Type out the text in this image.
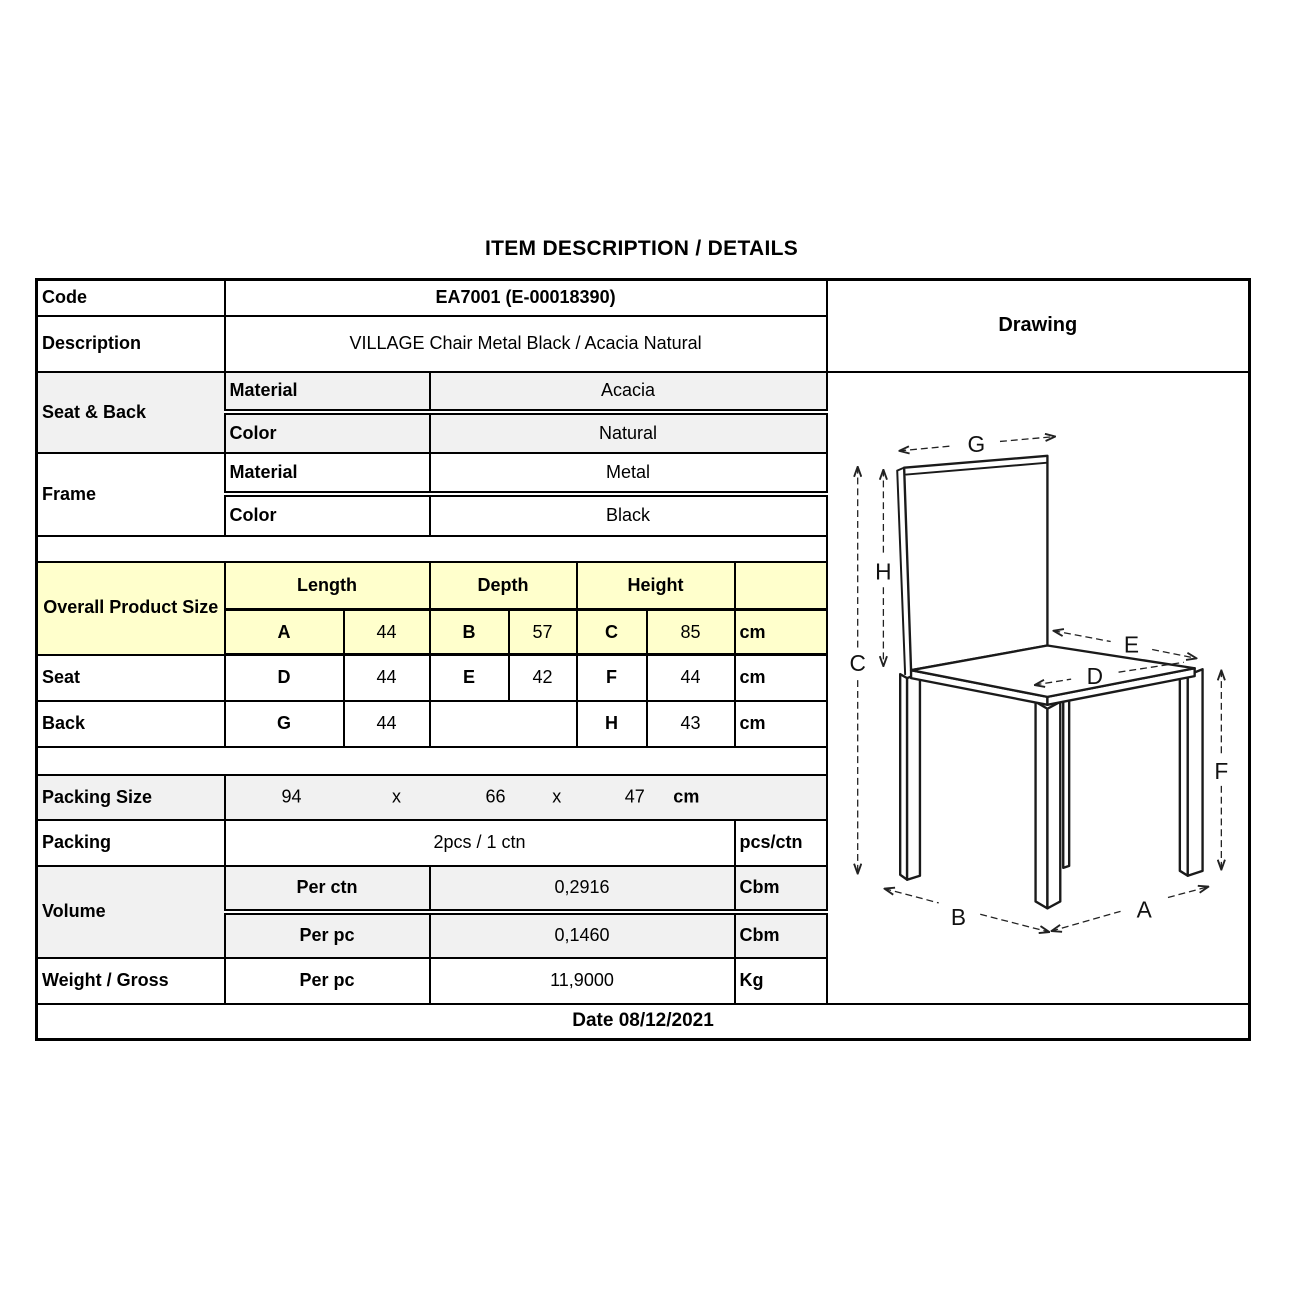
ITEM DESCRIPTION / DETAILS
Code	EA7001 (E-00018390)							Drawing
Description	VILLAGE Chair Metal Black / Acacia Natural							
Seat & Back	Material	Acacia	
G
H
C
E
D
F
B	A

	Color		Natural					
Frame	Material		Metal					
	Color		Black					

Overall Product Size	Length		Depth		Height			
	A	44	B	57	C	85	cm	
Seat	D	44	E	42	F	44	cm	
Back	G	44			H	43	cm	

Packing Size	94	x	66	x	47 cm

Packing	2pcs / 1 ctn						pcs/ctn	
Volume	Per ctn		0,2916				Cbm	
	Per pc		0,1460				Cbm	
Weight / Gross	Per pc		11,9000				Kg	
Date 08/12/2021								
